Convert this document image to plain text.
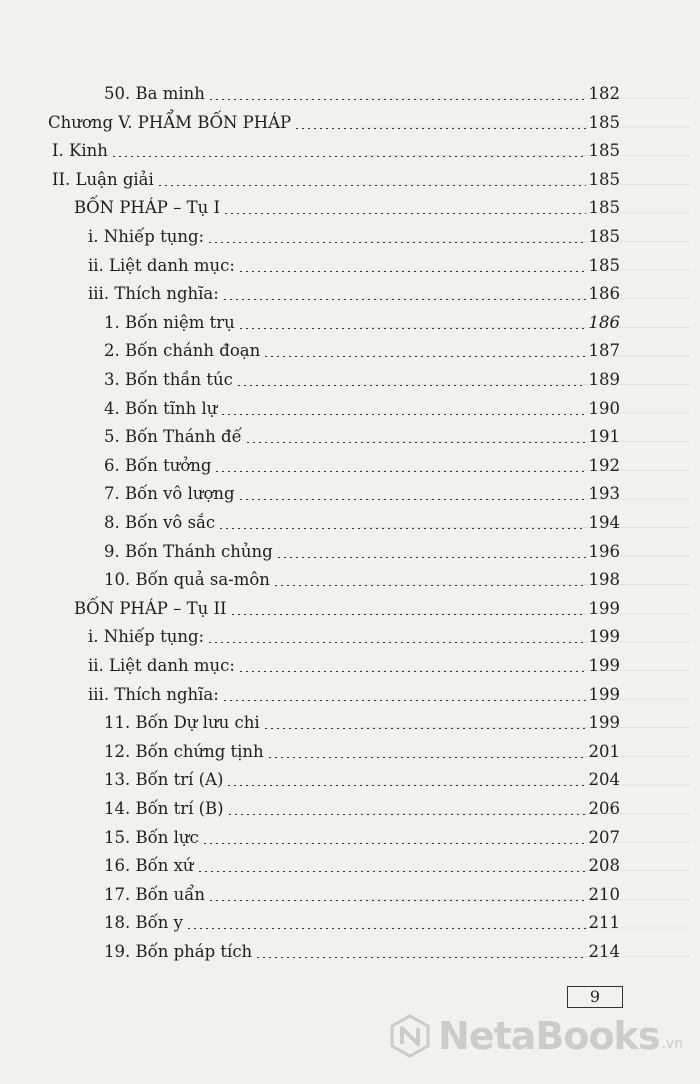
50. Ba minh	182
Chương V. PHẨM BỐN PHÁP	185
I. Kinh	185
II. Luận giải	185
BỐN PHÁP – Tụ I	185
i. Nhiếp tụng:	185
ii. Liệt danh mục:	185
iii. Thích nghĩa:	186
1. Bốn niệm trụ	186
2. Bốn chánh đoạn	187
3. Bốn thần túc	189
4. Bốn tĩnh lự	190
5. Bốn Thánh đế	191
6. Bốn tưởng	192
7. Bốn vô lượng	193
8. Bốn vô sắc	194
9. Bốn Thánh chủng	196
10. Bốn quả sa-môn	198
BỐN PHÁP – Tụ II	199
i. Nhiếp tụng:	199
ii. Liệt danh mục:	199
iii. Thích nghĩa:	199
11. Bốn Dự lưu chi	199
12. Bốn chứng tịnh	201
13. Bốn trí (A)	204
14. Bốn trí (B)	206
15. Bốn lực	207
16. Bốn xứ	208
17. Bốn uẩn	210
18. Bốn y	211
19. Bốn pháp tích	214
9
NetaBooks .vn
